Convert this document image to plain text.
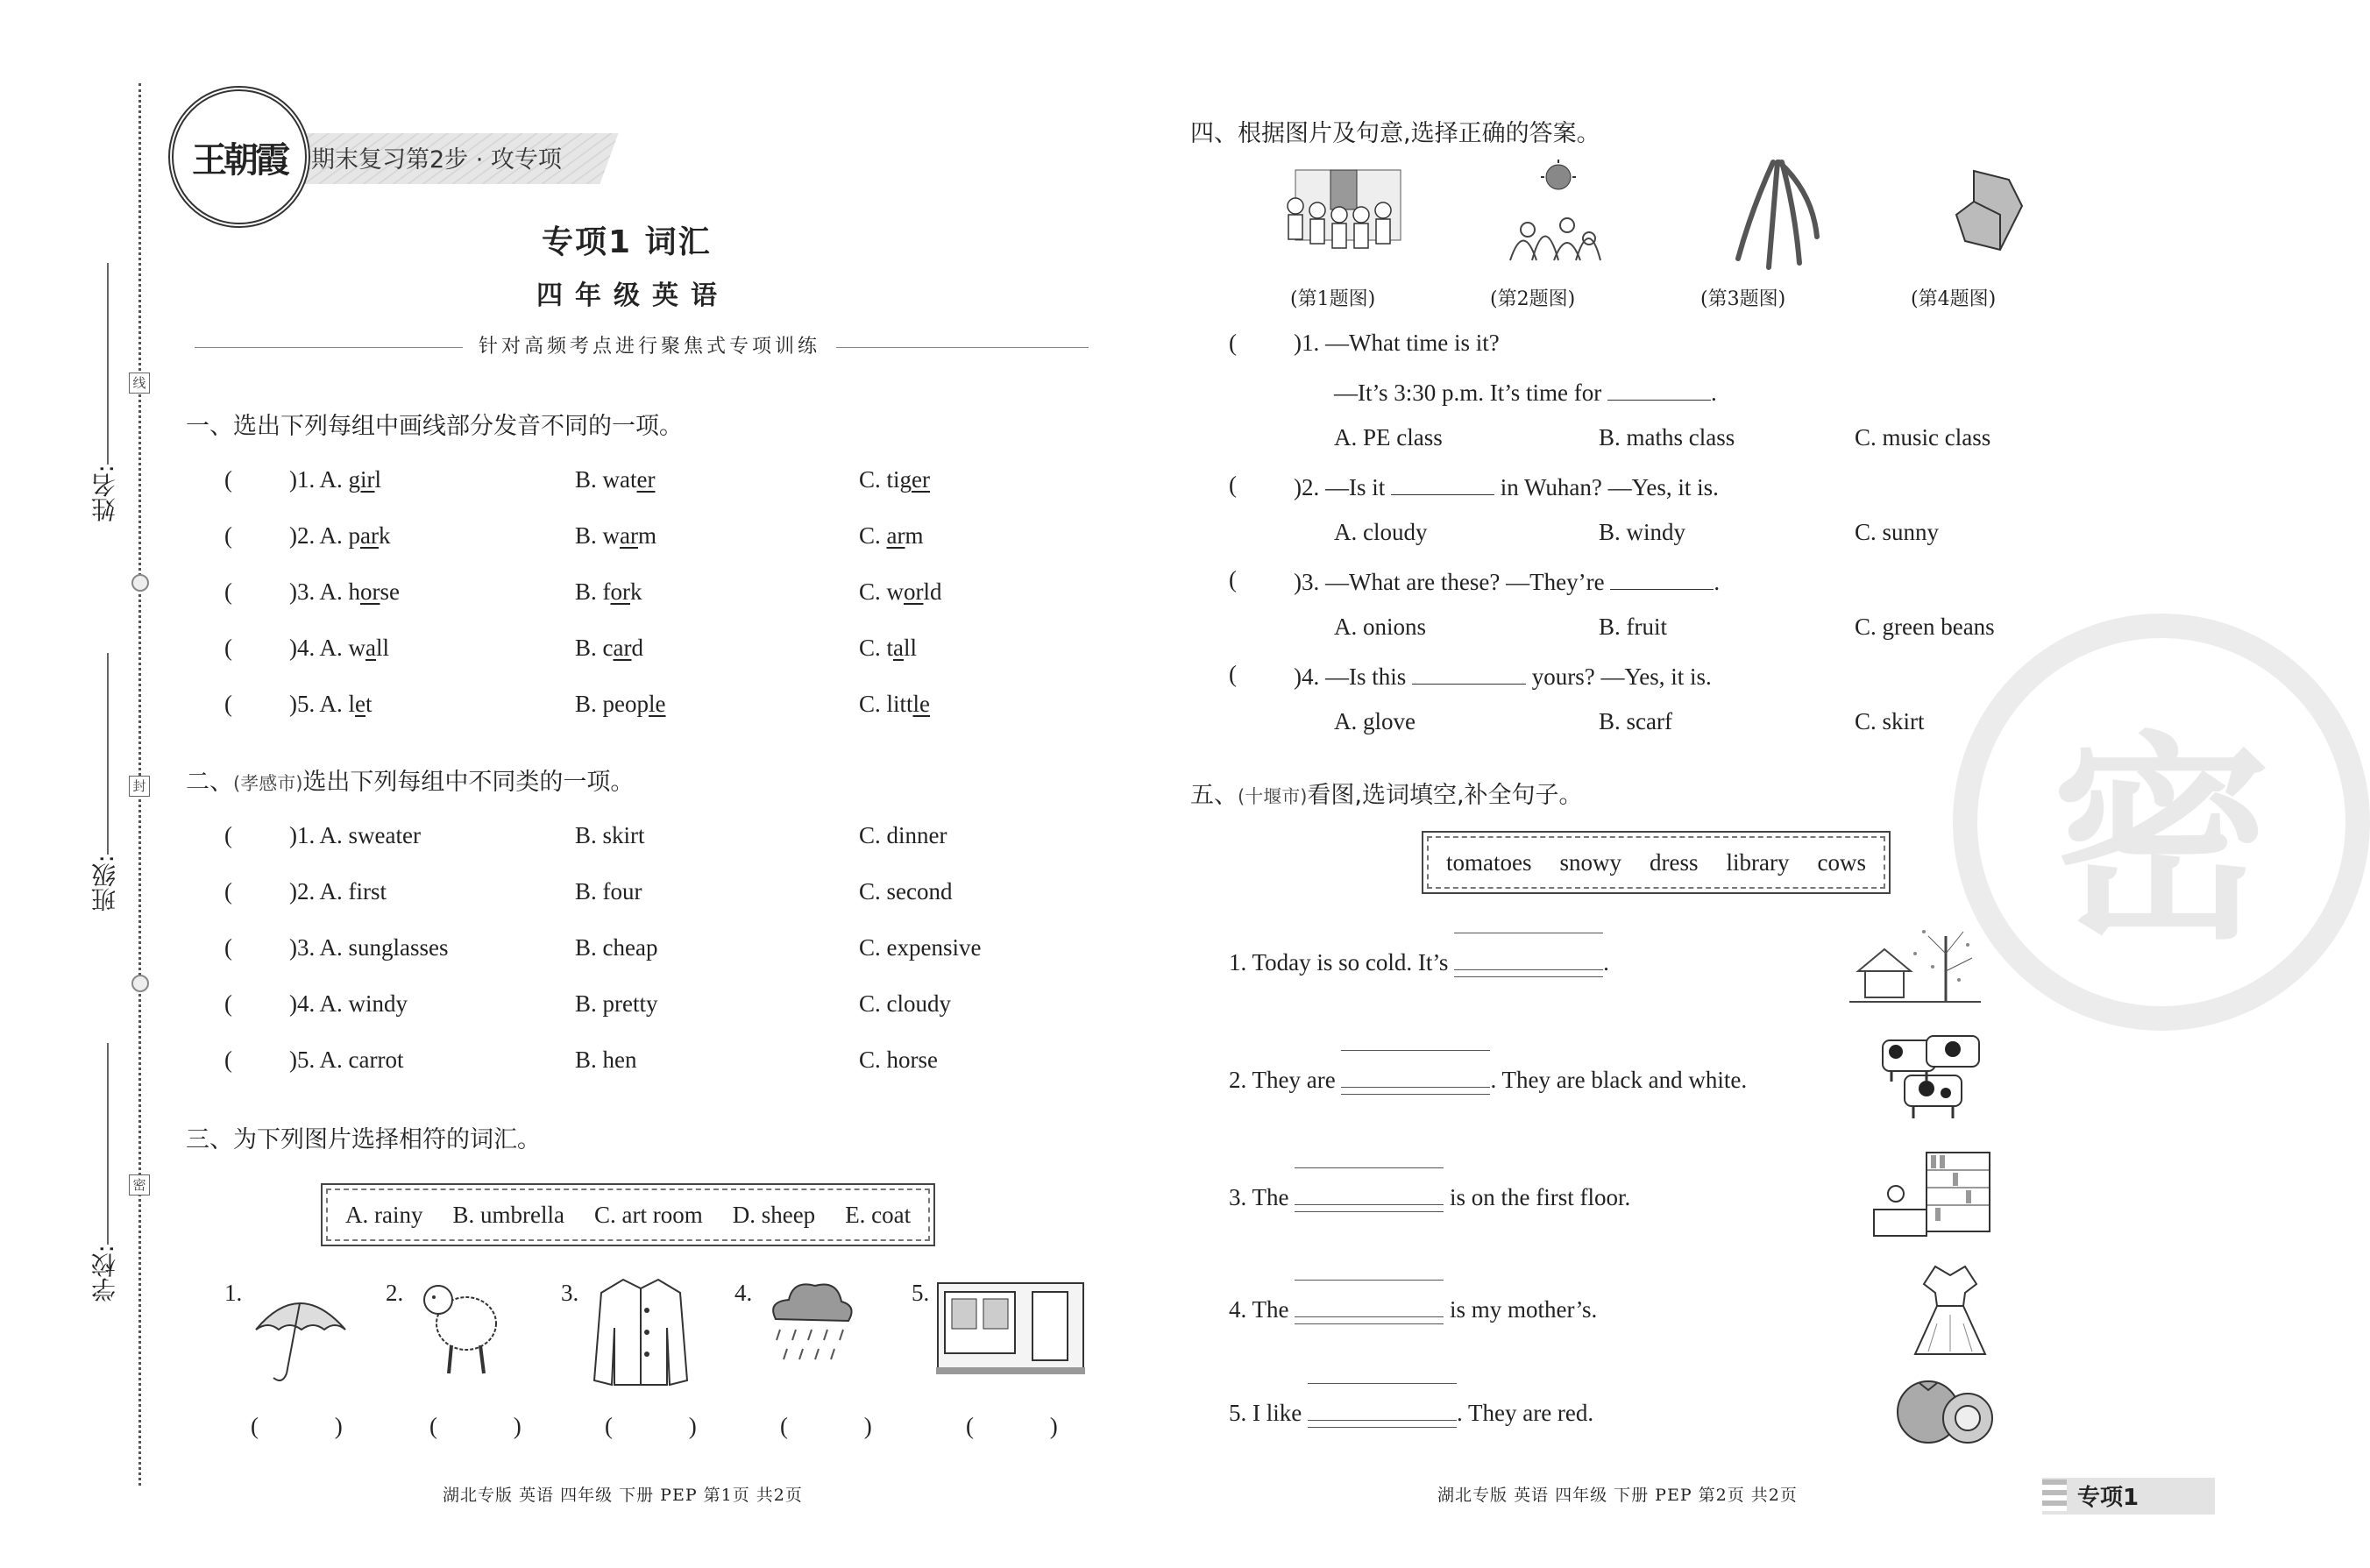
姓名:
班级:
学校:
线
封
密
期末复习第2步 · 攻专项
王朝霞
专项1 词汇
四年级英语
针对高频考点进行聚焦式专项训练
一、选出下列每组中画线部分发音不同的一项。
( )1. A. girl	B. water	C. tiger
( )2. A. park	B. warm	C. arm
( )3. A. horse	B. fork	C. world
( )4. A. wall	B. card	C. tall
( )5. A. let	B. people	C. little
二、(孝感市)选出下列每组中不同类的一项。
( )1. A. sweater	B. skirt	C. dinner
( )2. A. first	B. four	C. second
( )3. A. sunglasses	B. cheap	C. expensive
( )4. A. windy	B. pretty	C. cloudy
( )5. A. carrot	B. hen	C. horse
三、为下列图片选择相符的词汇。
A. rainy B. umbrella C. art room D. sheep E. coat
1.	2.	3.	4.	5.
( ) ( ) ( ) ( ) ( )
湖北专版 英语 四年级 下册 PEP 第1页 共2页
四、根据图片及句意,选择正确的答案。
(第1题图)	(第2题图)	(第3题图)	(第4题图)
( )1. —What time is it?
—It’s 3:30 p.m. It’s time for	.
A. PE class	B. maths class	C. music class
( )2. —Is it	in Wuhan? —Yes, it is.
A. cloudy	B. windy	C. sunny
( )3. —What are these? —They’re	.
A. onions	B. fruit	C. green beans
( )4. —Is this	yours? —Yes, it is.
A. glove	B. scarf	C. skirt 密
五、(十堰市)看图,选词填空,补全句子。
tomatoes snowy dress library cows
1. Today is so cold. It’s	.
2. They are	. They are black and white.
3. The	is on the first floor.
4. The	is my mother’s.
5. I like	. They are red.
湖北专版 英语 四年级 下册 PEP 第2页 共2页	专项1
